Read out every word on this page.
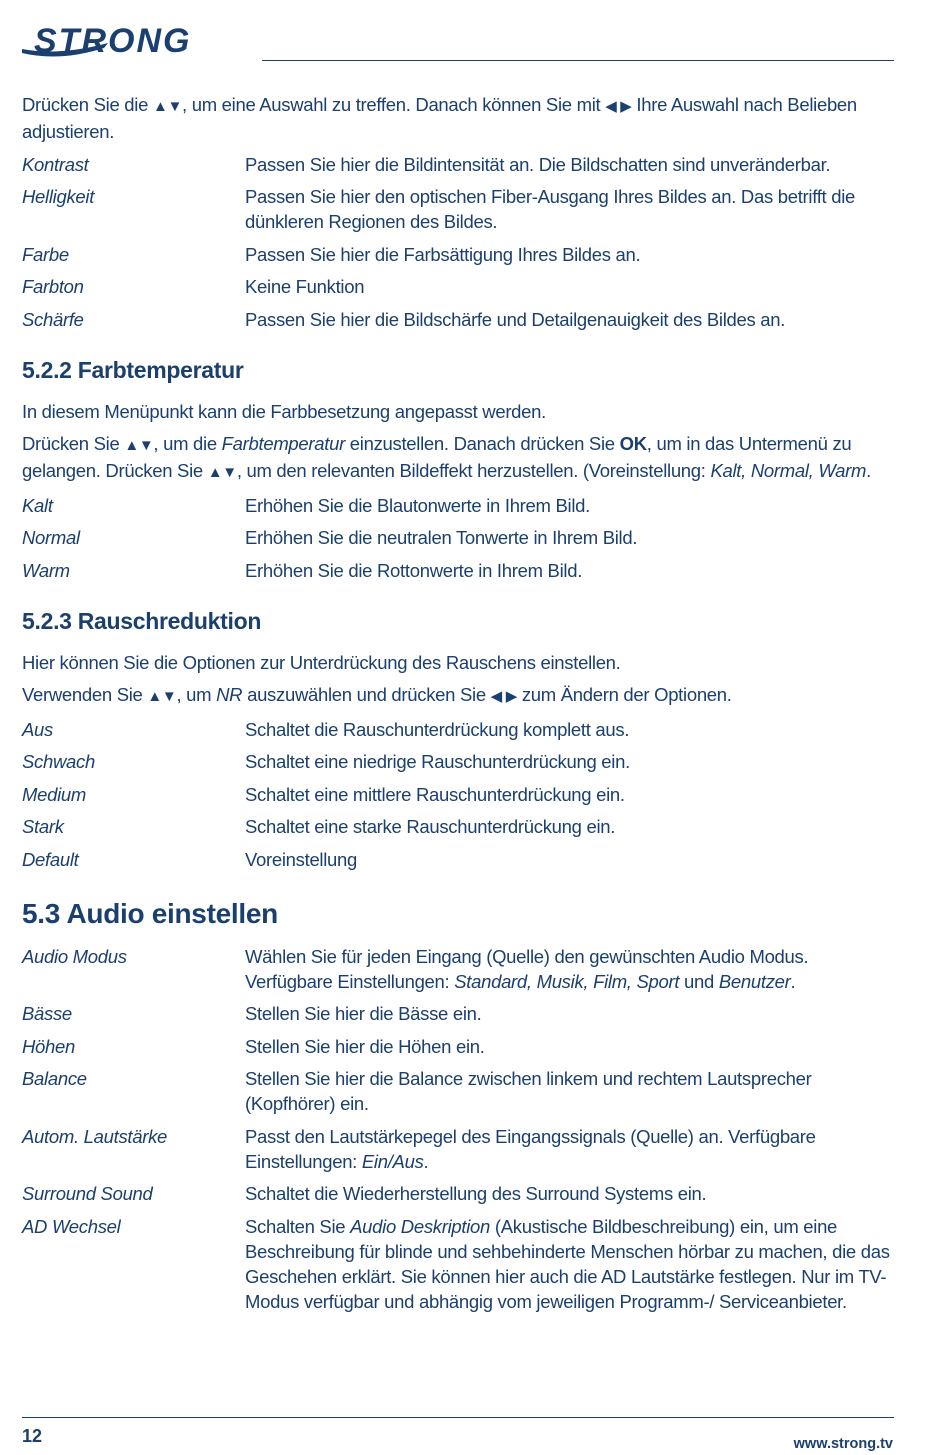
STRONG

Drücken Sie die ▲▼, um eine Auswahl zu treffen. Danach können Sie mit ◀ ▶ Ihre Auswahl nach Belieben adjustieren.

Kontrast	Passen Sie hier die Bildintensität an. Die Bildschatten sind unveränderbar.
Helligkeit	Passen Sie hier den optischen Fiber-Ausgang Ihres Bildes an. Das betrifft die dünkleren Regionen des Bildes.
Farbe	Passen Sie hier die Farbsättigung Ihres Bildes an.
Farbton	Keine Funktion
Schärfe	Passen Sie hier die Bildschärfe und Detailgenauigkeit des Bildes an.
5.2.2 Farbtemperatur

In diesem Menüpunkt kann die Farbbesetzung angepasst werden.

Drücken Sie ▲▼, um die Farbtemperatur einzustellen. Danach drücken Sie OK, um in das Untermenü zu gelangen. Drücken Sie ▲▼, um den relevanten Bildeffekt herzustellen. (Voreinstellung: Kalt, Normal, Warm.

Kalt	Erhöhen Sie die Blautonwerte in Ihrem Bild.
Normal	Erhöhen Sie die neutralen Tonwerte in Ihrem Bild.
Warm	Erhöhen Sie die Rottonwerte in Ihrem Bild.
5.2.3 Rauschreduktion

Hier können Sie die Optionen zur Unterdrückung des Rauschens einstellen.

Verwenden Sie ▲▼, um NR auszuwählen und drücken Sie ◀ ▶ zum Ändern der Optionen.

Aus	Schaltet die Rauschunterdrückung komplett aus.
Schwach	Schaltet eine niedrige Rauschunterdrückung ein.
Medium	Schaltet eine mittlere Rauschunterdrückung ein.
Stark	Schaltet eine starke Rauschunterdrückung ein.
Default	Voreinstellung
5.3 Audio einstellen
Audio Modus	Wählen Sie für jeden Eingang (Quelle) den gewünschten Audio Modus. Verfügbare Einstellungen: Standard, Musik, Film, Sport und Benutzer.
Bässe	Stellen Sie hier die Bässe ein.
Höhen	Stellen Sie hier die Höhen ein.
Balance	Stellen Sie hier die Balance zwischen linkem und rechtem Lautsprecher (Kopfhörer) ein.
Autom. Lautstärke	Passt den Lautstärkepegel des Eingangssignals (Quelle) an. Verfügbare Einstellungen: Ein/Aus.
Surround Sound	Schaltet die Wiederherstellung des Surround Systems ein.
AD Wechsel	Schalten Sie Audio Deskription (Akustische Bildbeschreibung) ein, um eine Beschreibung für blinde und sehbehinderte Menschen hörbar zu machen, die das Geschehen erklärt. Sie können hier auch die AD Lautstärke festlegen. Nur im TV-Modus verfügbar und abhängig vom jeweiligen Programm-/ Serviceanbieter.
12	www.strong.tv
